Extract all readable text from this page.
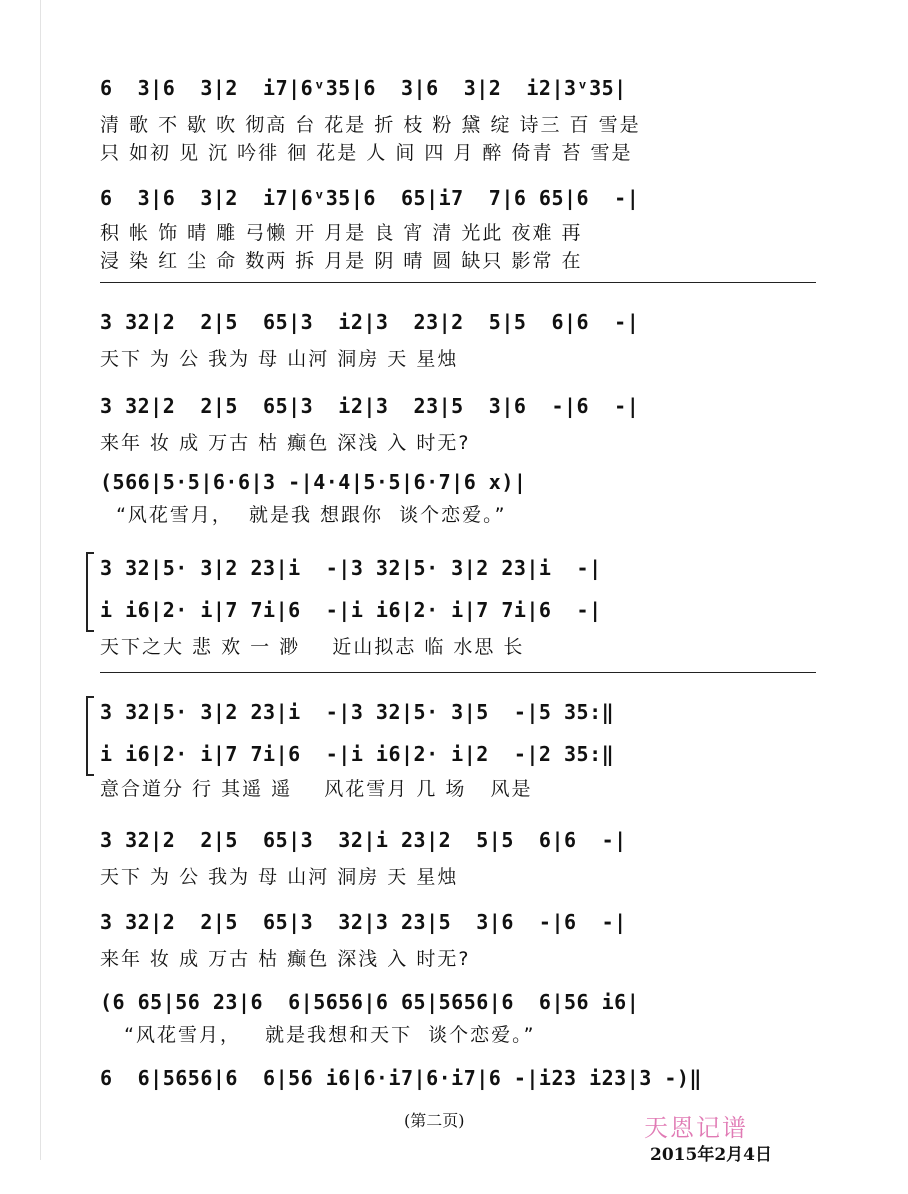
6  3|6  3|2  i7|6ᵛ35|6  3|6  3|2  i2|3ᵛ35|

清 歌 不 歇 吹 彻高 台 花是 折 枝 粉 黛 绽 诗三 百 雪是

只 如初 见 沉 吟徘 徊 花是 人 间 四 月 醉 倚青 苔 雪是

6  3|6  3|2  i7|6ᵛ35|6  65|i7  7|6 65|6  -|

积 帐 饰 晴 雕 弓懒 开 月是 良 宵 清 光此 夜难 再

浸 染 红 尘 命 数两 拆 月是 阴 晴 圆 缺只 影常 在

3 32|2  2|5  65|3  i2|3  23|2  5|5  6|6  -|

天下 为 公 我为 母 山河 洞房 天 星烛

3 32|2  2|5  65|3  i2|3  23|5  3|6  -|6  -|

来年 妆 成 万古 枯 癫色 深浅 入 时无?

(566|5·5|6·6|3 -|4·4|5·5|6·7|6 x)|

“风花雪月，  就是我 想跟你  谈个恋爱。”

3 32|5· 3|2 23|i  -|3 32|5· 3|2 23|i  -|

i i6|2· i|7 7i|6  -|i i6|2· i|7 7i|6  -|

天下之大 悲 欢 一 渺    近山拟志 临 水思 长

3 32|5· 3|2 23|i  -|3 32|5· 3|5  -|5 35:‖

i i6|2· i|7 7i|6  -|i i6|2· i|2  -|2 35:‖

意合道分 行 其遥 遥    风花雪月 几 场   风是

3 32|2  2|5  65|3  32|i 23|2  5|5  6|6  -|

天下 为 公 我为 母 山河 洞房 天 星烛

3 32|2  2|5  65|3  32|3 23|5  3|6  -|6  -|

来年 妆 成 万古 枯 癫色 深浅 入 时无?

(6 65|56 23|6  6|5656|6 65|5656|6  6|56 i6|

“风花雪月，   就是我想和天下  谈个恋爱。”

6  6|5656|6  6|56 i6|6·i7|6·i7|6 -|i23 i23|3 -)‖

(第二页)	天恩记谱
2015年2月4日
